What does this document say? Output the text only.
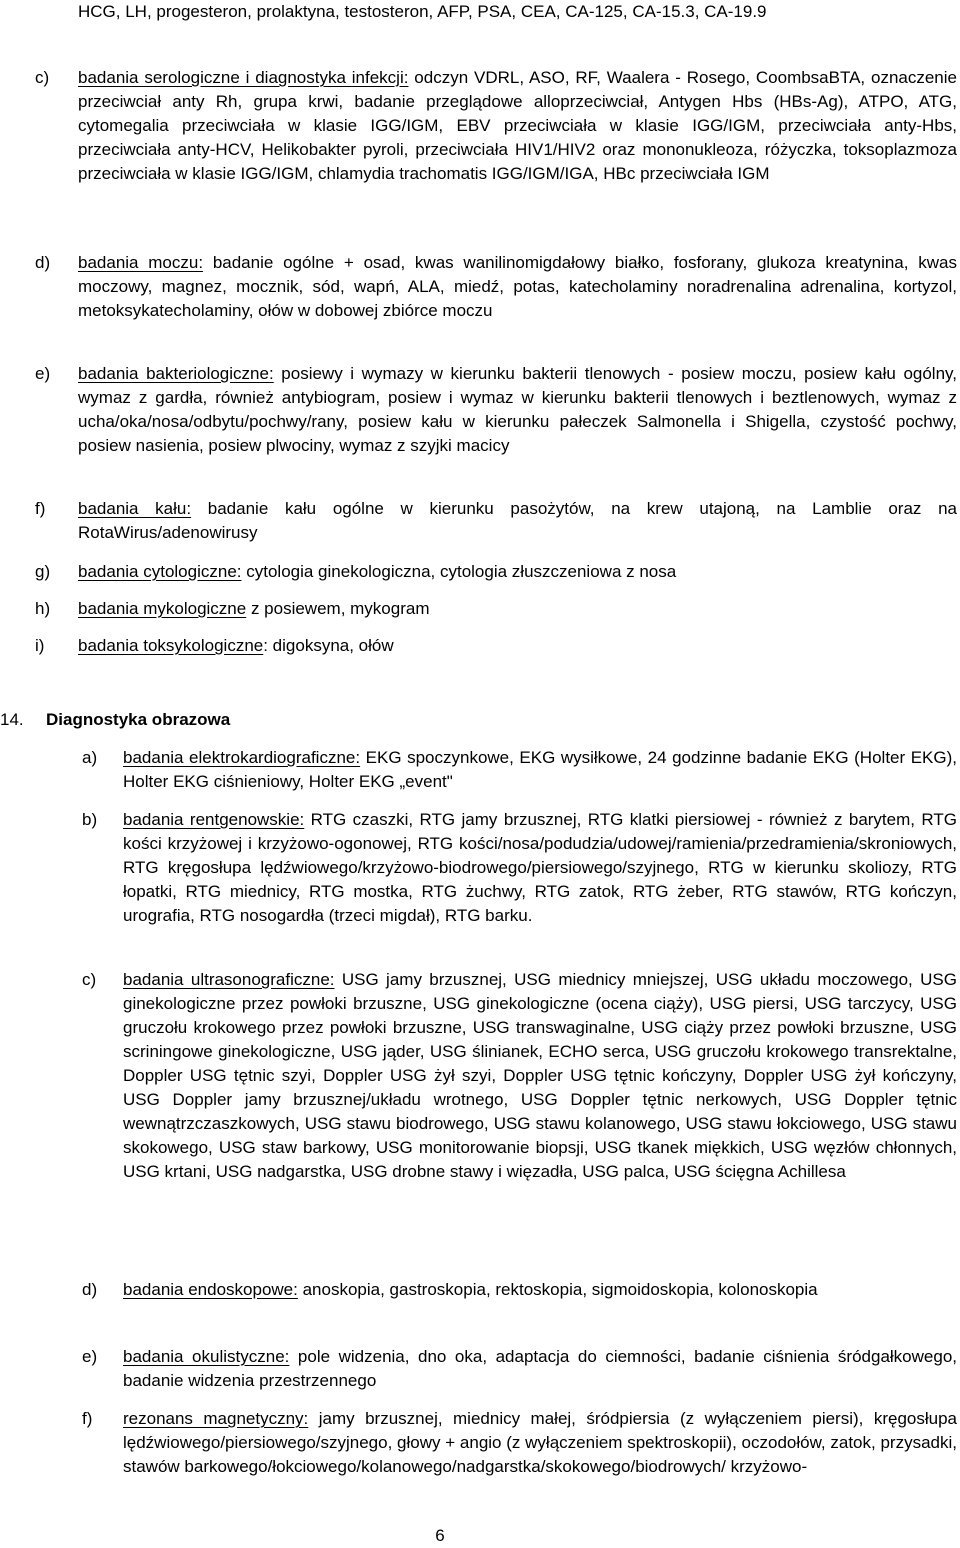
HCG, LH, progesteron, prolaktyna, testosteron, AFP, PSA, CEA, CA-125, CA-15.3, CA-19.9

c) badania serologiczne i diagnostyka infekcji: odczyn VDRL, ASO, RF, Waalera - Rosego, CoombsaBTA, oznaczenie przeciwciał anty Rh, grupa krwi, badanie przeglądowe alloprzeciwciał, Antygen Hbs (HBs-Ag), ATPO, ATG, cytomegalia przeciwciała w klasie IGG/IGM, EBV przeciwciała w klasie IGG/IGM, przeciwciała anty-Hbs, przeciwciała anty-HCV, Helikobakter pyroli, przeciwciała HIV1/HIV2 oraz mononukleoza, różyczka, toksoplazmoza przeciwciała w klasie IGG/IGM, chlamydia trachomatis IGG/IGM/IGA, HBc przeciwciała IGM

d) badania moczu: badanie ogólne + osad, kwas wanilinomigdałowy białko, fosforany, glukoza kreatynina, kwas moczowy, magnez, mocznik, sód, wapń, ALA, miedź, potas, katecholaminy noradrenalina adrenalina, kortyzol, metoksykatecholaminy, ołów w dobowej zbiórce moczu

e) badania bakteriologiczne: posiewy i wymazy w kierunku bakterii tlenowych - posiew moczu, posiew kału ogólny, wymaz z gardła, również antybiogram, posiew i wymaz w kierunku bakterii tlenowych i beztlenowych, wymaz z ucha/oka/nosa/odbytu/pochwy/rany, posiew kału w kierunku pałeczek Salmonella i Shigella, czystość pochwy, posiew nasienia, posiew plwociny, wymaz z szyjki macicy

f) badania kału: badanie kału ogólne w kierunku pasożytów, na krew utajoną, na Lamblie oraz na RotaWirus/adenowirusy

g) badania cytologiczne: cytologia ginekologiczna, cytologia złuszczeniowa z nosa

h) badania mykologiczne z posiewem, mykogram

i) badania toksykologiczne: digoksyna, ołów

14. Diagnostyka obrazowa
a) badania elektrokardiograficzne: EKG spoczynkowe, EKG wysiłkowe, 24 godzinne badanie EKG (Holter EKG), Holter EKG ciśnieniowy, Holter EKG „event"

b) badania rentgenowskie: RTG czaszki, RTG jamy brzusznej, RTG klatki piersiowej - również z barytem, RTG kości krzyżowej i krzyżowo-ogonowej, RTG kości/nosa/podudzia/udowej/ramienia/przedramienia/skroniowych, RTG kręgosłupa lędźwiowego/krzyżowo-biodrowego/piersiowego/szyjnego, RTG w kierunku skoliozy, RTG łopatki, RTG miednicy, RTG mostka, RTG żuchwy, RTG zatok, RTG żeber, RTG stawów, RTG kończyn, urografia, RTG nosogardła (trzeci migdał), RTG barku.

c) badania ultrasonograficzne: USG jamy brzusznej, USG miednicy mniejszej, USG układu moczowego, USG ginekologiczne przez powłoki brzuszne, USG ginekologiczne (ocena ciąży), USG piersi, USG tarczycy, USG gruczołu krokowego przez powłoki brzuszne, USG transwaginalne, USG ciąży przez powłoki brzuszne, USG scriningowe ginekologiczne, USG jąder, USG ślinianek, ECHO serca, USG gruczołu krokowego transrektalne, Doppler USG tętnic szyi, Doppler USG żył szyi, Doppler USG tętnic kończyny, Doppler USG żył kończyny, USG Doppler jamy brzusznej/układu wrotnego, USG Doppler tętnic nerkowych, USG Doppler tętnic wewnątrzczaszkowych, USG stawu biodrowego, USG stawu kolanowego, USG stawu łokciowego, USG stawu skokowego, USG staw barkowy, USG monitorowanie biopsji, USG tkanek miękkich, USG węzłów chłonnych, USG krtani, USG nadgarstka, USG drobne stawy i więzadła, USG palca, USG ścięgna Achillesa

d) badania endoskopowe: anoskopia, gastroskopia, rektoskopia, sigmoidoskopia, kolonoskopia

e) badania okulistyczne: pole widzenia, dno oka, adaptacja do ciemności, badanie ciśnienia śródgałkowego, badanie widzenia przestrzennego

f) rezonans magnetyczny: jamy brzusznej, miednicy małej, śródpiersia (z wyłączeniem piersi), kręgosłupa lędźwiowego/piersiowego/szyjnego, głowy + angio (z wyłączeniem spektroskopii), oczodołów, zatok, przysadki, stawów barkowego/łokciowego/kolanowego/nadgarstka/skokowego/biodrowych/ krzyżowo-

6
